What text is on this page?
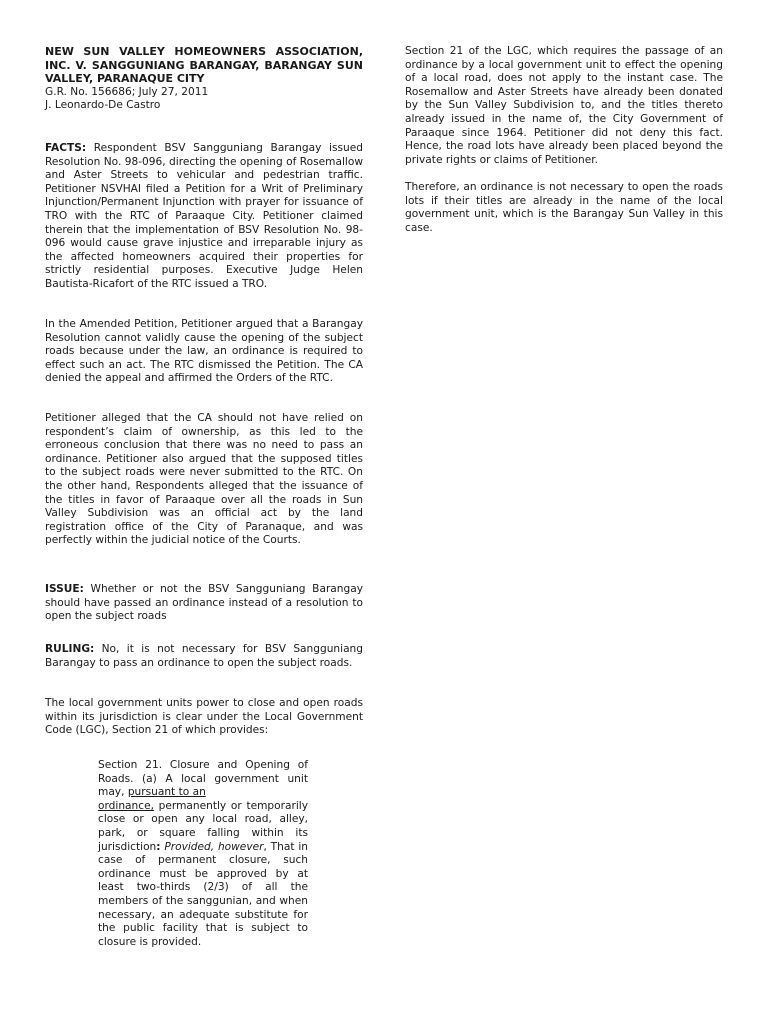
NEW SUN VALLEY HOMEOWNERS ASSOCIATION, INC. V. SANGGUNIANG BARANGAY, BARANGAY SUN VALLEY, PARANAQUE CITY

G.R. No. 156686; July 27, 2011

J. Leonardo-De Castro

FACTS: Respondent BSV Sangguniang Barangay issued Resolution No. 98-096, directing the opening of Rosemallow and Aster Streets to vehicular and pedestrian traffic. Petitioner NSVHAI filed a Petition for a Writ of Preliminary Injunction/Permanent Injunction with prayer for issuance of TRO with the RTC of Paraaque City. Petitioner claimed therein that the implementation of BSV Resolution No. 98-096 would cause grave injustice and irreparable injury as the affected homeowners acquired their properties for strictly residential purposes. Executive Judge Helen Bautista-Ricafort of the RTC issued a TRO.

In the Amended Petition, Petitioner argued that a Barangay Resolution cannot validly cause the opening of the subject roads because under the law, an ordinance is required to effect such an act. The RTC dismissed the Petition. The CA denied the appeal and affirmed the Orders of the RTC.

Petitioner alleged that the CA should not have relied on respondent’s claim of ownership, as this led to the erroneous conclusion that there was no need to pass an ordinance. Petitioner also argued that the supposed titles to the subject roads were never submitted to the RTC. On the other hand, Respondents alleged that the issuance of the titles in favor of Paraaque over all the roads in Sun Valley Subdivision was an official act by the land registration office of the City of Paranaque, and was perfectly within the judicial notice of the Courts.

ISSUE: Whether or not the BSV Sangguniang Barangay should have passed an ordinance instead of a resolution to open the subject roads

RULING: No, it is not necessary for BSV Sangguniang Barangay to pass an ordinance to open the subject roads.

The local government units power to close and open roads within its jurisdiction is clear under the Local Government Code (LGC), Section 21 of which provides:

Section 21. Closure and Opening of Roads. (a) A local government unit may, pursuant to an
ordinance, permanently or temporarily close or open any local road, alley, park, or square falling within its jurisdiction: Provided, however, That in case of permanent closure, such ordinance must be approved by at least two-thirds (2/3) of all the members of the sanggunian, and when necessary, an adequate substitute for the public facility that is subject to closure is provided.

Section 21 of the LGC, which requires the passage of an ordinance by a local government unit to effect the opening of a local road, does not apply to the instant case. The Rosemallow and Aster Streets have already been donated by the Sun Valley Subdivision to, and the titles thereto already issued in the name of, the City Government of Paraaque since 1964. Petitioner did not deny this fact. Hence, the road lots have already been placed beyond the private rights or claims of Petitioner.

Therefore, an ordinance is not necessary to open the roads lots if their titles are already in the name of the local government unit, which is the Barangay Sun Valley in this case.
